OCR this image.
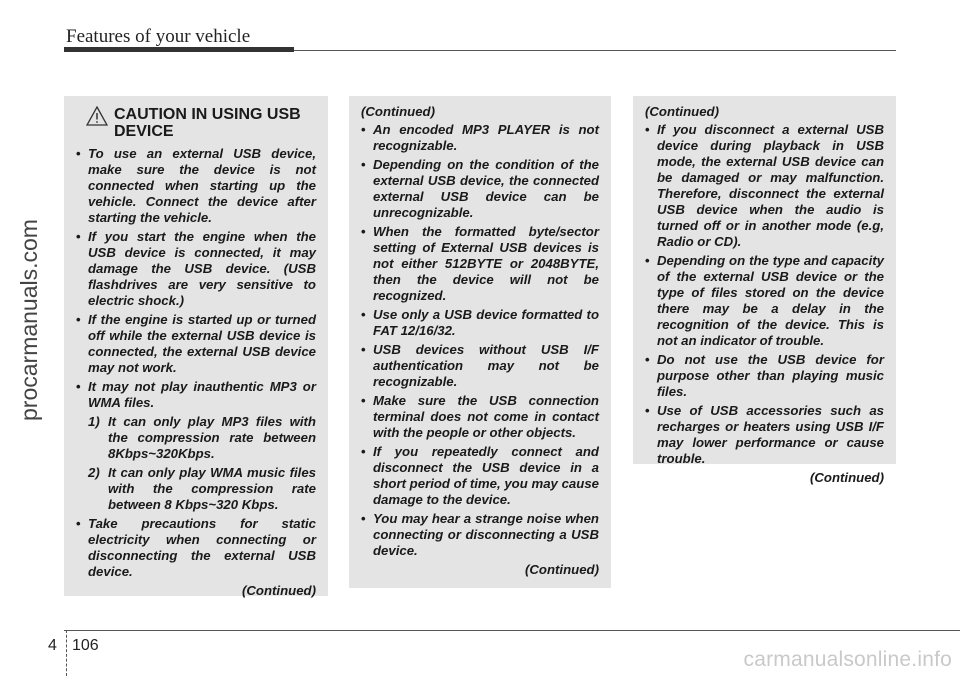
Features of your vehicle
procarmanuals.com
CAUTION IN USING USB DEVICE
• To use an external USB device, make sure the device is not connected when starting up the vehicle. Connect the device after starting the vehicle.
• If you start the engine when the USB device is connected, it may damage the USB device. (USB flashdrives are very sensitive to electric shock.)
• If the engine is started up or turned off while the external USB device is connected, the external USB device may not work.
• It may not play inauthentic MP3 or WMA files.
1) It can only play MP3 files with the compression rate between 8Kbps~320Kbps.
2) It can only play WMA music files with the compression rate between 8 Kbps~320 Kbps.
• Take precautions for static electricity when connecting or disconnecting the external USB device.
(Continued)
(Continued)
• An encoded MP3 PLAYER is not recognizable.
• Depending on the condition of the external USB device, the connected external USB device can be unrecognizable.
• When the formatted byte/sector setting of External USB devices is not either 512BYTE or 2048BYTE, then the device will not be recognized.
• Use only a USB device formatted to FAT 12/16/32.
• USB devices without USB I/F authentication may not be recognizable.
• Make sure the USB connection terminal does not come in contact with the people or other objects.
• If you repeatedly connect and disconnect the USB device in a short period of time, you may cause damage to the device.
• You may hear a strange noise when connecting or disconnecting a USB device.
(Continued)
(Continued)
• If you disconnect a external USB device during playback in USB mode, the external USB device can be damaged or may malfunction. Therefore, disconnect the external USB device when the audio is turned off or in another mode (e.g, Radio or CD).
• Depending on the type and capacity of the external USB device or the type of files stored on the device there may be a delay in the recognition of the device. This is not an indicator of trouble.
• Do not use the USB device for purpose other than playing music files.
• Use of USB accessories such as recharges or heaters using USB I/F may lower performance or cause trouble.
(Continued)
4 106
carmanualsonline.info
